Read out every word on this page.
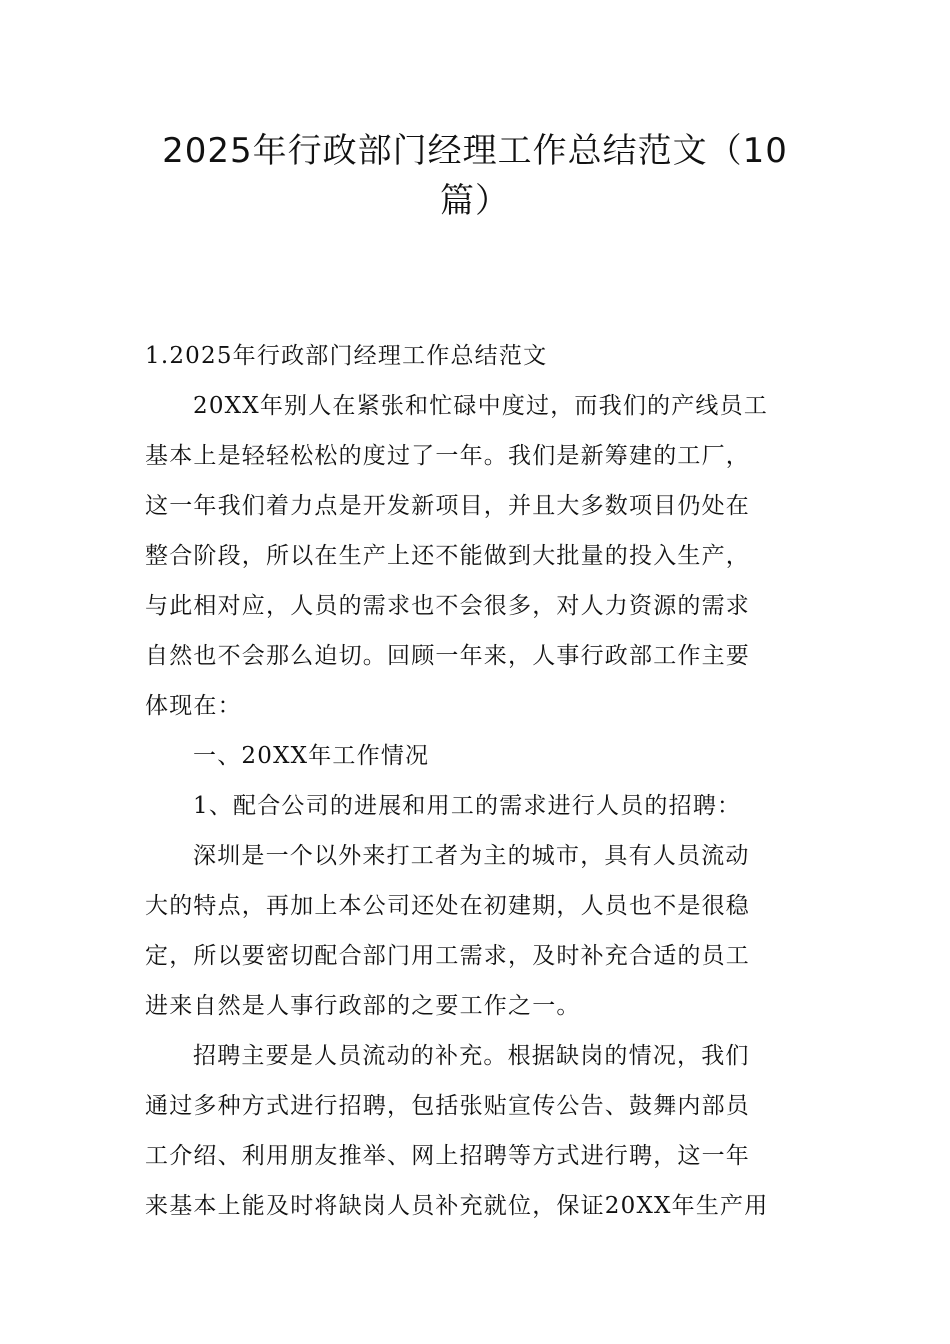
2025年行政部门经理工作总结范文（10
篇）
1.2025年行政部门经理工作总结范文
20XX年别人在紧张和忙碌中度过，而我们的产线员工
基本上是轻轻松松的度过了一年。我们是新筹建的工厂，
这一年我们着力点是开发新项目，并且大多数项目仍处在
整合阶段，所以在生产上还不能做到大批量的投入生产，
与此相对应，人员的需求也不会很多，对人力资源的需求
自然也不会那么迫切。回顾一年来，人事行政部工作主要
体现在：
一、20XX年工作情况
1、配合公司的进展和用工的需求进行人员的招聘：
深圳是一个以外来打工者为主的城市，具有人员流动
大的特点，再加上本公司还处在初建期，人员也不是很稳
定，所以要密切配合部门用工需求，及时补充合适的员工
进来自然是人事行政部的之要工作之一。
招聘主要是人员流动的补充。根据缺岗的情况，我们
通过多种方式进行招聘，包括张贴宣传公告、鼓舞内部员
工介绍、利用朋友推举、网上招聘等方式进行聘，这一年
来基本上能及时将缺岗人员补充就位，保证20XX年生产用
